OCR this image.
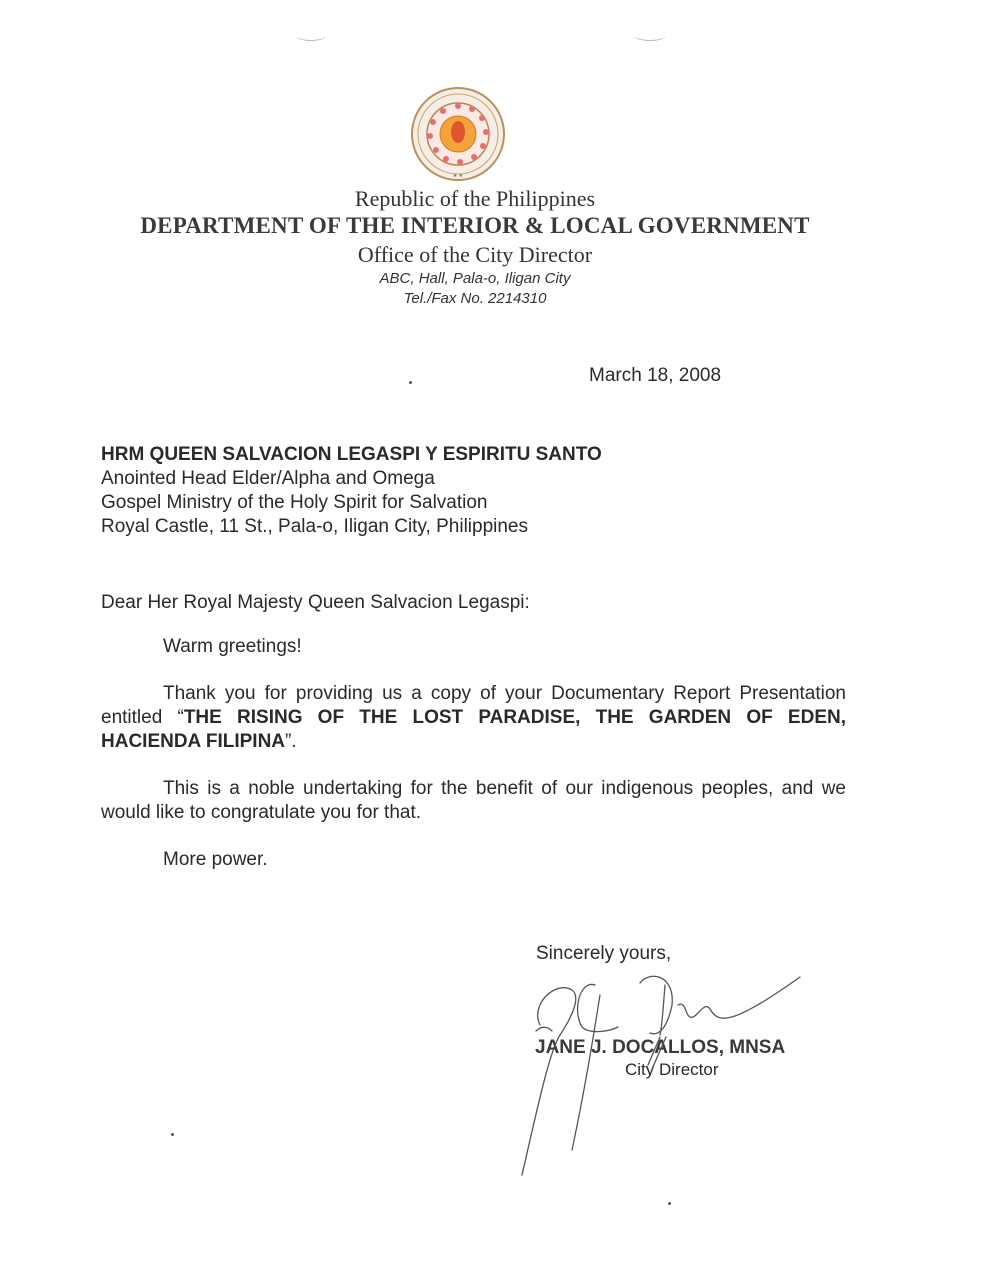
★ ★
Republic of the Philippines
DEPARTMENT OF THE INTERIOR & LOCAL GOVERNMENT
Office of the City Director
ABC, Hall, Pala-o, Iligan City
Tel./Fax No. 2214310
March 18, 2008
HRM QUEEN SALVACION LEGASPI Y ESPIRITU SANTO
Anointed Head Elder/Alpha and Omega
Gospel Ministry of the Holy Spirit for Salvation
Royal Castle, 11 St., Pala-o, Iligan City, Philippines
Dear Her Royal Majesty Queen Salvacion Legaspi:
Warm greetings!
Thank you for providing us a copy of your Documentary Report Presentation entitled “THE RISING OF THE LOST PARADISE, THE GARDEN OF EDEN, HACIENDA FILIPINA”.
This is a noble undertaking for the benefit of our indigenous peoples, and we would like to congratulate you for that.
More power.
Sincerely yours,
JANE J. DOCALLOS, MNSA
City Director
